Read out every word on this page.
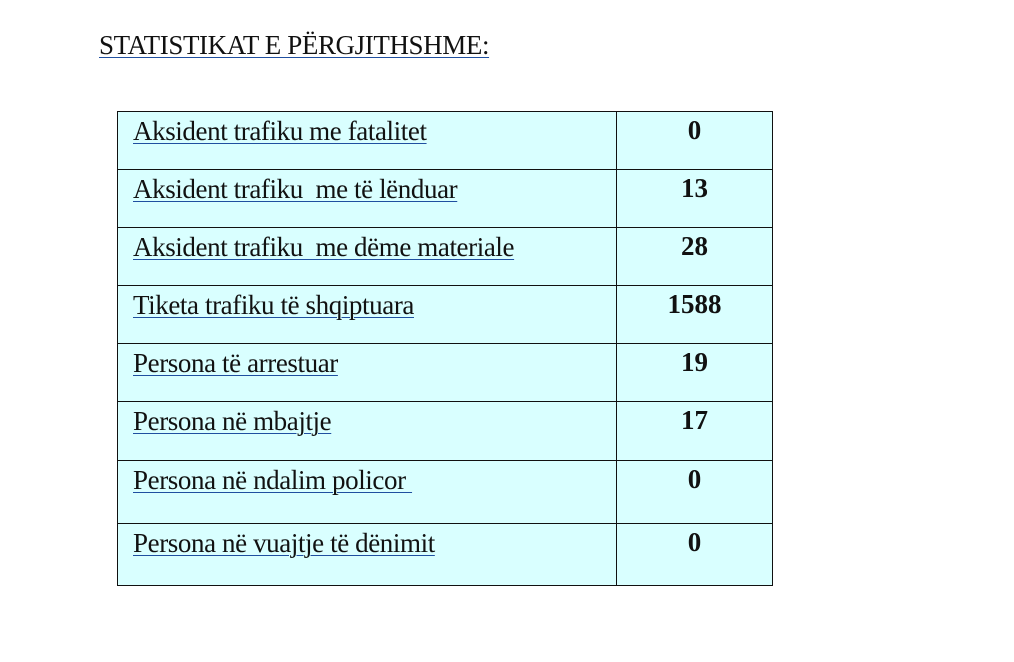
STATISTIKAT E PËRGJITHSHME:
Aksident trafiku me fatalitet	0

Aksident trafiku  me të lënduar	13

Aksident trafiku  me dëme materiale	28

Tiketa trafiku të shqiptuara	1588

Persona të arrestuar	19

Persona në mbajtje	17

Persona në ndalim policor	0

Persona në vuajtje të dënimit	0
